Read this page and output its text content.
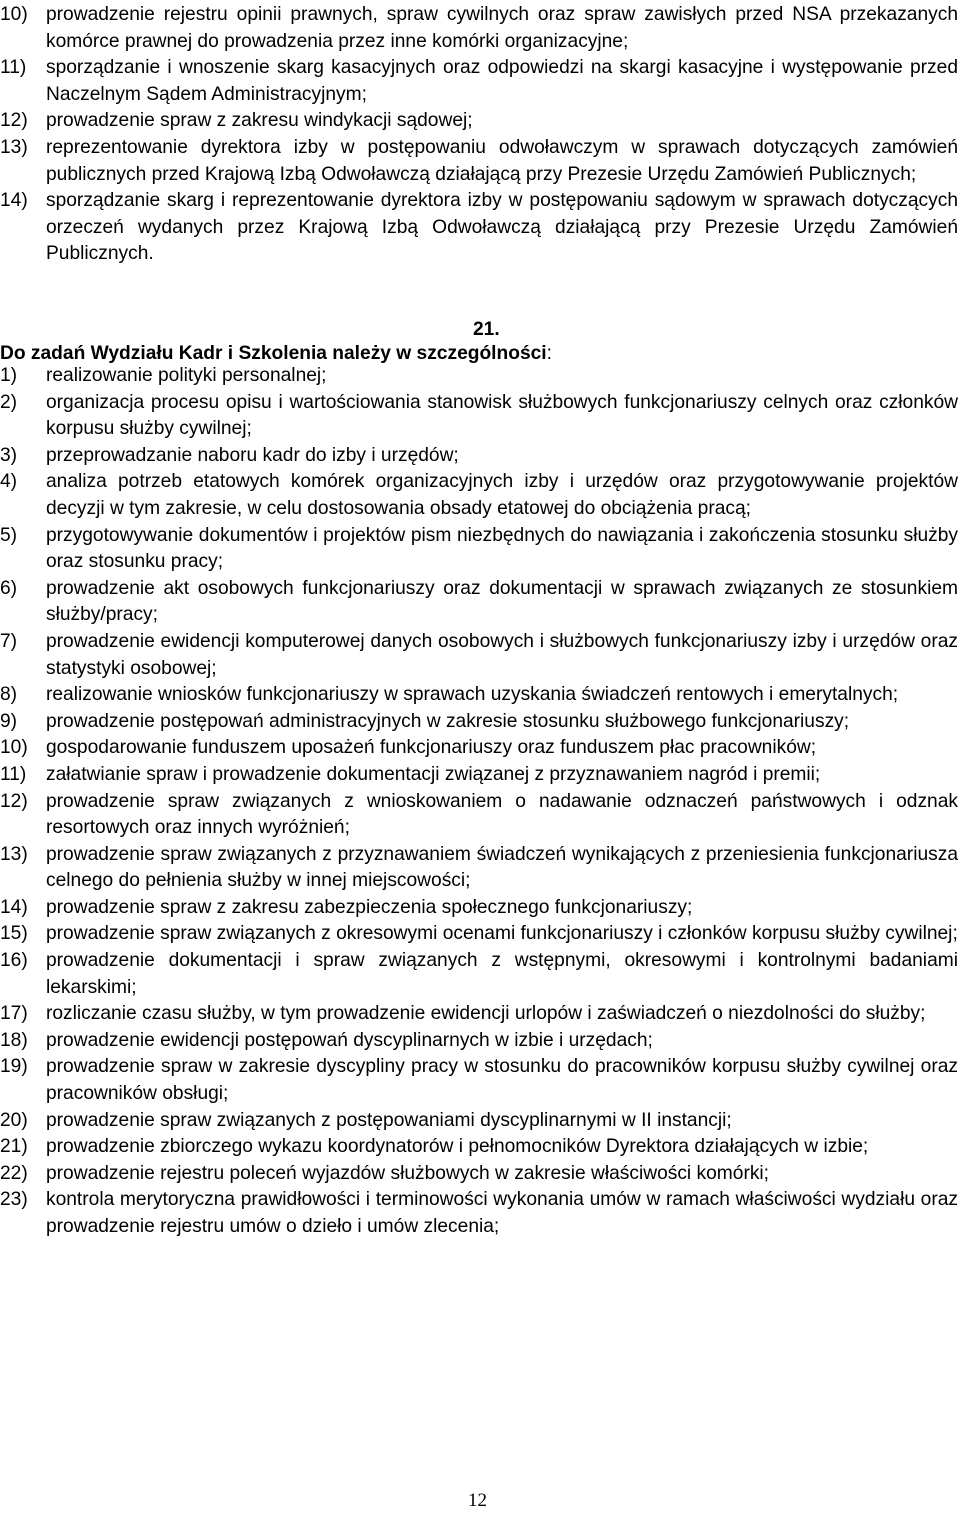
10) prowadzenie rejestru opinii prawnych, spraw cywilnych oraz spraw zawisłych przed NSA przekazanych komórce prawnej do prowadzenia przez inne komórki organizacyjne;
11)	sporządzanie i wnoszenie skarg kasacyjnych oraz odpowiedzi na skargi kasacyjne i występowanie przed Naczelnym Sądem Administracyjnym;
12) prowadzenie spraw z zakresu windykacji sądowej;
13) reprezentowanie dyrektora izby w postępowaniu odwoławczym w sprawach dotyczących zamówień publicznych przed Krajową Izbą Odwoławczą działającą przy Prezesie Urzędu Zamówień Publicznych;
14) sporządzanie skarg i reprezentowanie dyrektora izby w postępowaniu sądowym w sprawach dotyczących orzeczeń wydanych przez Krajową Izbą Odwoławczą działającą przy Prezesie Urzędu Zamówień Publicznych.
21.
Do zadań Wydziału Kadr i Szkolenia należy w szczególności:
1)	realizowanie polityki personalnej;
2)	organizacja procesu opisu i wartościowania stanowisk służbowych funkcjonariuszy celnych oraz członków korpusu służby cywilnej;
3)	przeprowadzanie naboru kadr do izby i urzędów;
4)	analiza potrzeb etatowych komórek organizacyjnych izby i urzędów oraz przygotowywanie projektów decyzji w tym zakresie, w celu dostosowania obsady etatowej do obciążenia pracą;
5)	przygotowywanie dokumentów i projektów pism niezbędnych do nawiązania i zakończenia stosunku służby oraz stosunku pracy;
6)	prowadzenie akt osobowych funkcjonariuszy oraz dokumentacji w sprawach związanych ze stosunkiem służby/pracy;
7)	prowadzenie ewidencji komputerowej danych osobowych i służbowych funkcjonariuszy izby i urzędów oraz statystyki osobowej;
8)	realizowanie wniosków funkcjonariuszy w sprawach uzyskania świadczeń rentowych i emerytalnych;
9)	prowadzenie postępowań administracyjnych w zakresie stosunku służbowego funkcjonariuszy;
10) gospodarowanie funduszem uposażeń funkcjonariuszy oraz funduszem płac pracowników;
11)	załatwianie spraw i prowadzenie dokumentacji związanej z przyznawaniem nagród i premii;
12) prowadzenie spraw związanych z wnioskowaniem o nadawanie odznaczeń państwowych i odznak resortowych oraz innych wyróżnień;
13) prowadzenie spraw związanych z przyznawaniem świadczeń wynikających z przeniesienia funkcjonariusza celnego do pełnienia służby w innej miejscowości;
14) prowadzenie spraw z zakresu zabezpieczenia społecznego funkcjonariuszy;
15) prowadzenie spraw związanych z okresowymi ocenami funkcjonariuszy i członków korpusu służby cywilnej;
16) prowadzenie dokumentacji i spraw związanych z wstępnymi, okresowymi i kontrolnymi badaniami lekarskimi;
17) rozliczanie czasu służby, w tym prowadzenie ewidencji urlopów i zaświadczeń o niezdolności do służby;
18) prowadzenie ewidencji postępowań dyscyplinarnych w izbie i urzędach;
19) prowadzenie spraw w zakresie dyscypliny pracy w stosunku do pracowników korpusu służby cywilnej oraz pracowników obsługi;
20) prowadzenie spraw związanych z postępowaniami dyscyplinarnymi w II instancji;
21) prowadzenie zbiorczego wykazu koordynatorów i pełnomocników Dyrektora działających w izbie;
22) prowadzenie rejestru poleceń wyjazdów służbowych w zakresie właściwości komórki;
23) kontrola merytoryczna prawidłowości i terminowości wykonania umów w ramach właściwości wydziału oraz prowadzenie rejestru umów o dzieło i umów zlecenia;
12
